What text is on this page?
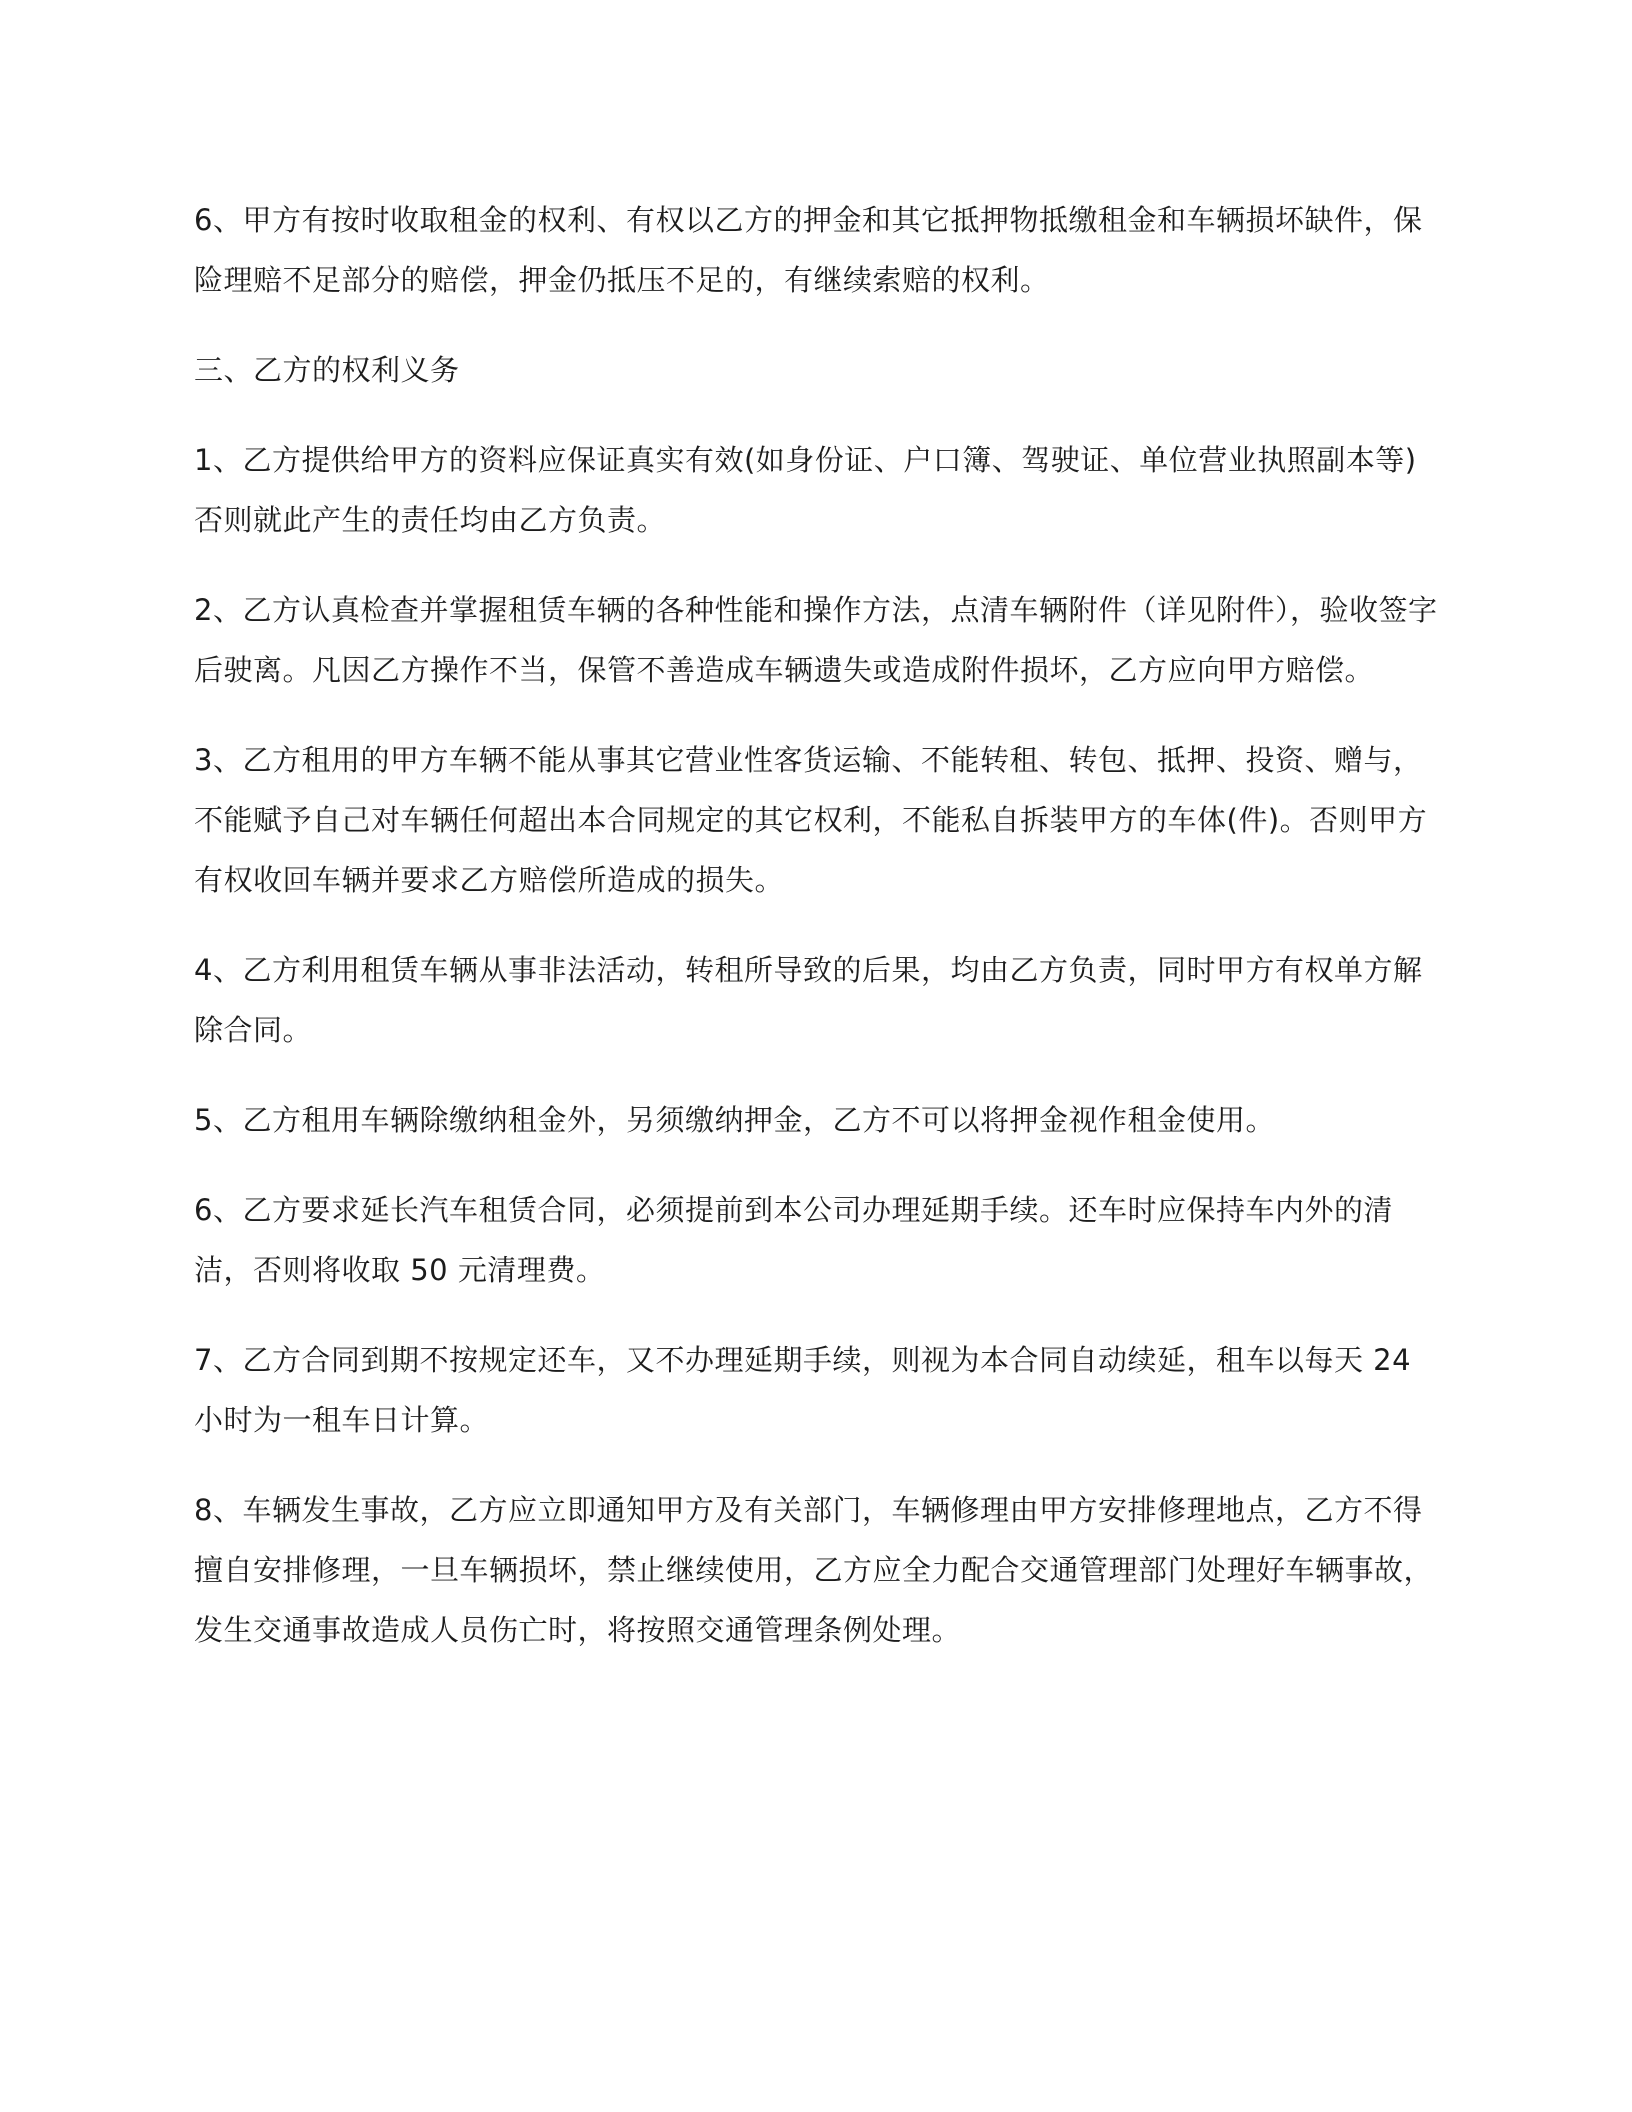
6、甲方有按时收取租金的权利、有权以乙方的押金和其它抵押物抵缴租金和车辆损坏缺件，保险理赔不足部分的赔偿，押金仍抵压不足的，有继续索赔的权利。

三、乙方的权利义务

1、乙方提供给甲方的资料应保证真实有效(如身份证、户口簿、驾驶证、单位营业执照副本等)否则就此产生的责任均由乙方负责。

2、乙方认真检查并掌握租赁车辆的各种性能和操作方法，点清车辆附件（详见附件），验收签字后驶离。凡因乙方操作不当，保管不善造成车辆遗失或造成附件损坏，乙方应向甲方赔偿。

3、乙方租用的甲方车辆不能从事其它营业性客货运输、不能转租、转包、抵押、投资、赠与，不能赋予自己对车辆任何超出本合同规定的其它权利，不能私自拆装甲方的车体(件)。否则甲方有权收回车辆并要求乙方赔偿所造成的损失。

4、乙方利用租赁车辆从事非法活动，转租所导致的后果，均由乙方负责，同时甲方有权单方解除合同。

5、乙方租用车辆除缴纳租金外，另须缴纳押金，乙方不可以将押金视作租金使用。

6、乙方要求延长汽车租赁合同，必须提前到本公司办理延期手续。还车时应保持车内外的清洁，否则将收取 50 元清理费。

7、乙方合同到期不按规定还车，又不办理延期手续，则视为本合同自动续延，租车以每天 24 小时为一租车日计算。

8、车辆发生事故，乙方应立即通知甲方及有关部门，车辆修理由甲方安排修理地点，乙方不得擅自安排修理，一旦车辆损坏，禁止继续使用，乙方应全力配合交通管理部门处理好车辆事故，发生交通事故造成人员伤亡时，将按照交通管理条例处理。
